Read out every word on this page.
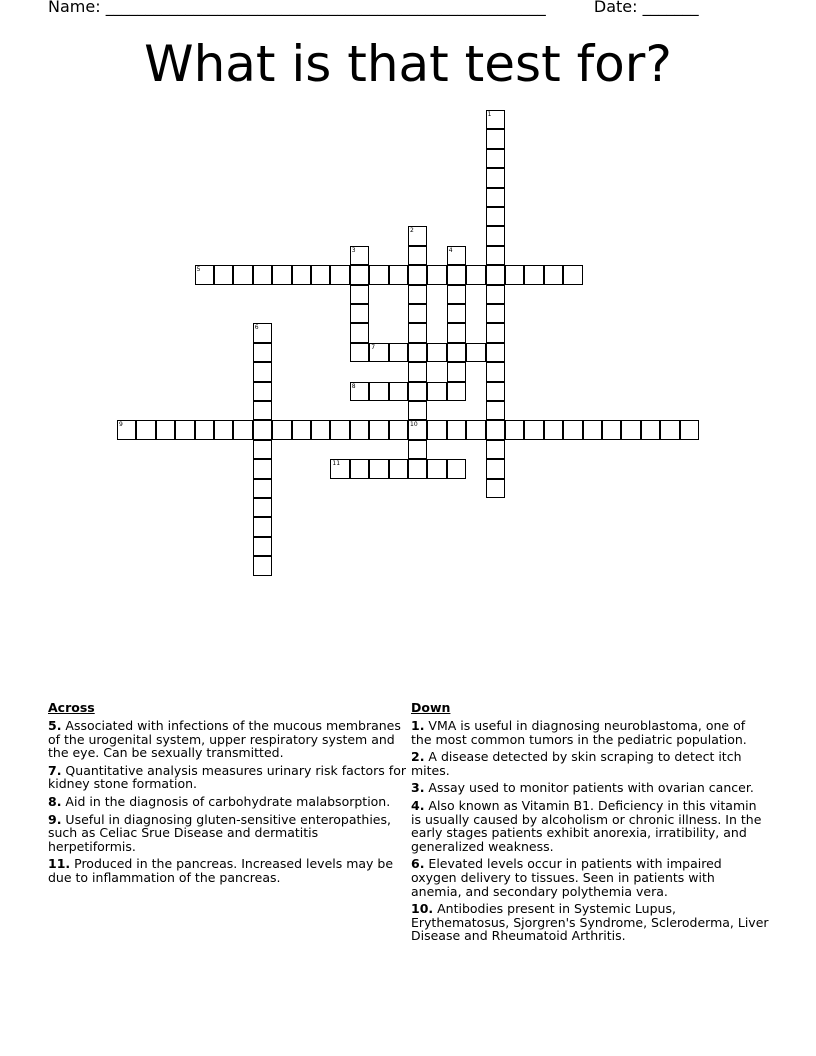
Name: _______________________________________________________	Date: _______
What is that test for?
1
2
10
3	4
5
6
7
8
9
11
Across
5. Associated with infections of the mucous membranes of the urogenital system, upper respiratory system and the eye. Can be sexually transmitted.
7. Quantitative analysis measures urinary risk factors for kidney stone formation.
8. Aid in the diagnosis of carbohydrate malabsorption.
9. Useful in diagnosing gluten-sensitive enteropathies, such as Celiac Srue Disease and dermatitis herpetiformis.
11. Produced in the pancreas. Increased levels may be due to inflammation of the pancreas.
Down
1. VMA is useful in diagnosing neuroblastoma, one of the most common tumors in the pediatric population.
2. A disease detected by skin scraping to detect itch mites.
3. Assay used to monitor patients with ovarian cancer.
4. Also known as Vitamin B1. Deficiency in this vitamin is usually caused by alcoholism or chronic illness. In the early stages patients exhibit anorexia, irratibility, and generalized weakness.
6. Elevated levels occur in patients with impaired oxygen delivery to tissues. Seen in patients with anemia, and secondary polythemia vera.
10. Antibodies present in Systemic Lupus, Erythematosus, Sjorgren's Syndrome, Scleroderma, Liver Disease and Rheumatoid Arthritis.
